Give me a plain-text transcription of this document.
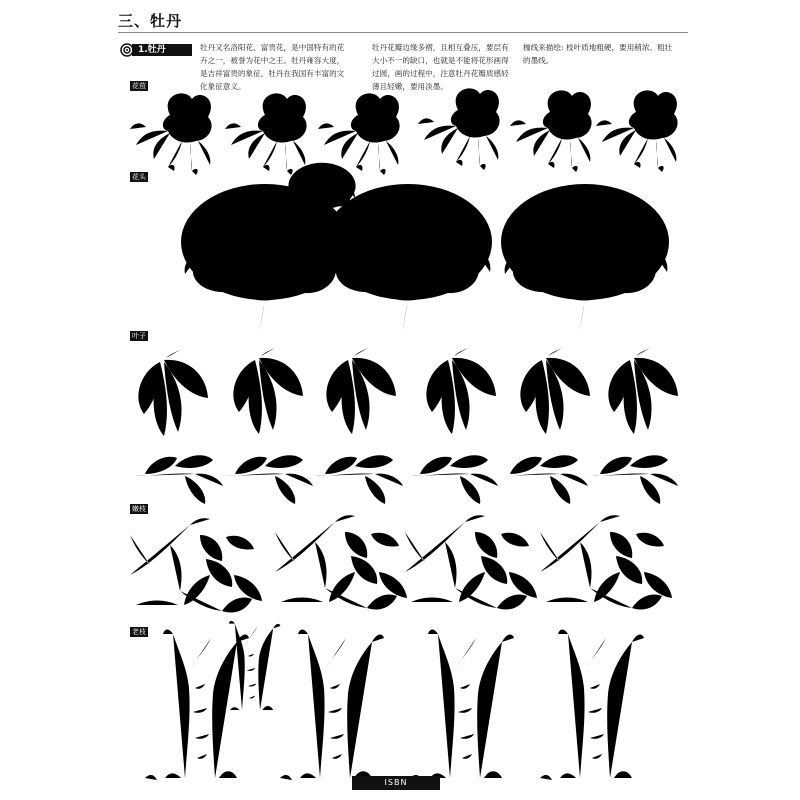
三、牡丹
1.牡丹	牡丹又名洛阳花、富贵花，是中国特有的花卉之一，被誉为花中之王。牡丹雍容大度，是吉祥富贵的象征，牡丹在我国有丰富的文化象征意义。
牡丹花瓣边缘多褶，且相互叠压，要层有大小不一的缺口，也就是不能将花形画得过圆，画的过程中，注意牡丹花瓣质感轻薄且轻嫩，要用淡墨。
枷线来描绘: 枝叶质地粗硬，要用稍浓、粗壮的墨线。
花苞
花头
叶子
嫩枝
老枝
ISBN
